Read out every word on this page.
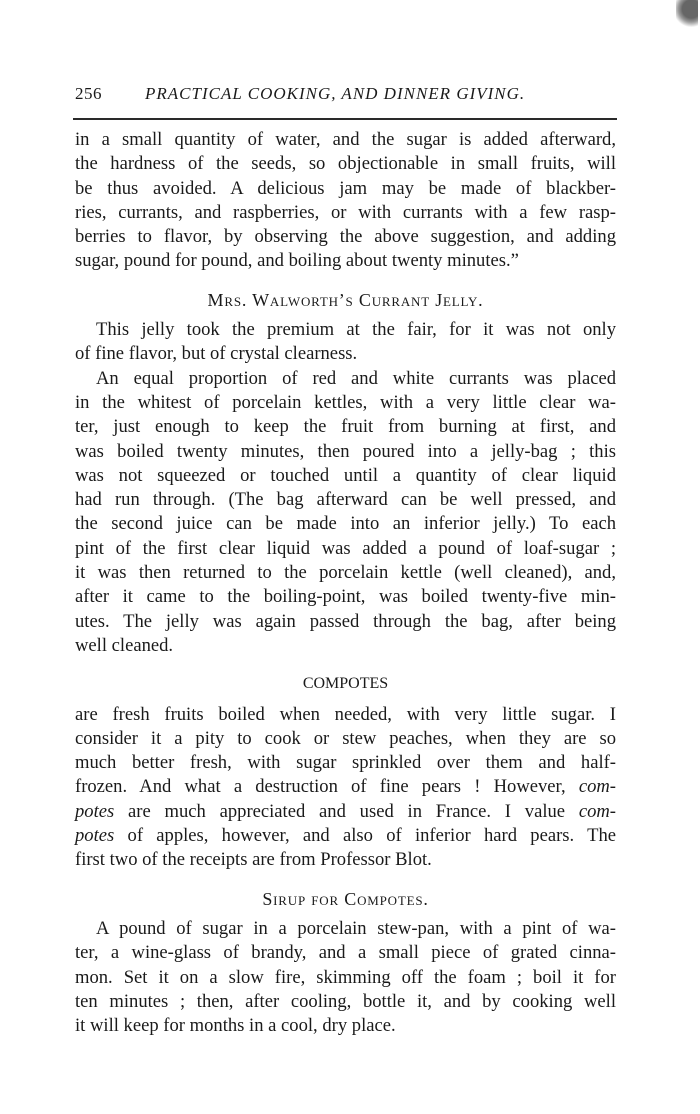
256	PRACTICAL COOKING, AND DINNER GIVING.
in a small quantity of water, and the sugar is added afterward,
the hardness of the seeds, so objectionable in small fruits, will
be thus avoided. A delicious jam may be made of blackber-
ries, currants, and raspberries, or with currants with a few rasp-
berries to flavor, by observing the above suggestion, and adding
sugar, pound for pound, and boiling about twenty minutes.”
Mrs. Walworth’s Currant Jelly.
This jelly took the premium at the fair, for it was not only
of fine flavor, but of crystal clearness.
An equal proportion of red and white currants was placed
in the whitest of porcelain kettles, with a very little clear wa-
ter, just enough to keep the fruit from burning at first, and
was boiled twenty minutes, then poured into a jelly-bag ; this
was not squeezed or touched until a quantity of clear liquid
had run through. (The bag afterward can be well pressed, and
the second juice can be made into an inferior jelly.) To each
pint of the first clear liquid was added a pound of loaf-sugar ;
it was then returned to the porcelain kettle (well cleaned), and,
after it came to the boiling-point, was boiled twenty-five min-
utes. The jelly was again passed through the bag, after being
well cleaned.
COMPOTES
are fresh fruits boiled when needed, with very little sugar. I
consider it a pity to cook or stew peaches, when they are so
much better fresh, with sugar sprinkled over them and half-
frozen. And what a destruction of fine pears ! However, com-
potes are much appreciated and used in France. I value com-
potes of apples, however, and also of inferior hard pears. The
first two of the receipts are from Professor Blot.
Sirup for Compotes.
A pound of sugar in a porcelain stew-pan, with a pint of wa-
ter, a wine-glass of brandy, and a small piece of grated cinna-
mon. Set it on a slow fire, skimming off the foam ; boil it for
ten minutes ; then, after cooling, bottle it, and by cooking well
it will keep for months in a cool, dry place.
